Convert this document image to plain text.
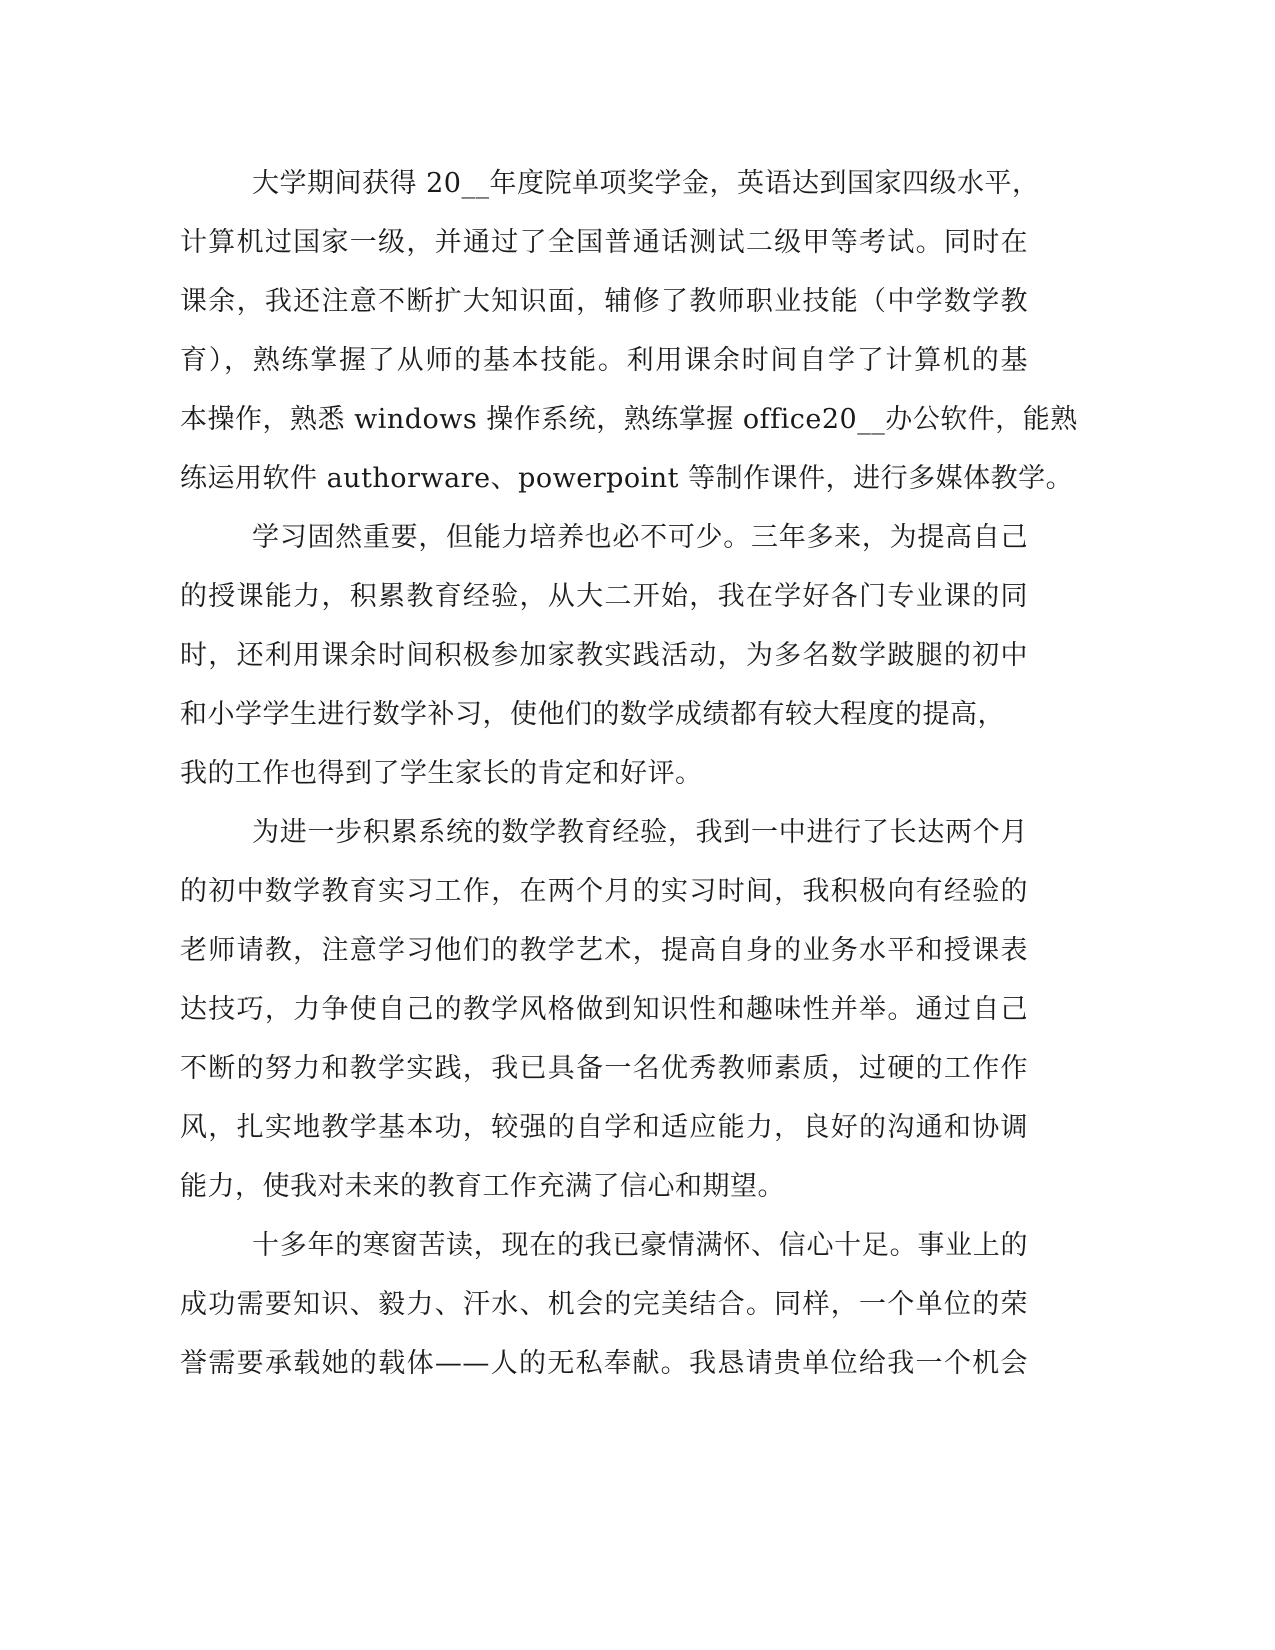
大学期间获得 20__年度院单项奖学金，英语达到国家四级水平，
计算机过国家一级，并通过了全国普通话测试二级甲等考试。同时在
课余，我还注意不断扩大知识面，辅修了教师职业技能（中学数学教
育），熟练掌握了从师的基本技能。利用课余时间自学了计算机的基
本操作，熟悉 windows 操作系统，熟练掌握 office20__办公软件，能熟
练运用软件 authorware、powerpoint 等制作课件，进行多媒体教学。
学习固然重要，但能力培养也必不可少。三年多来，为提高自己
的授课能力，积累教育经验，从大二开始，我在学好各门专业课的同
时，还利用课余时间积极参加家教实践活动，为多名数学跛腿的初中
和小学学生进行数学补习，使他们的数学成绩都有较大程度的提高，
我的工作也得到了学生家长的肯定和好评。
为进一步积累系统的数学教育经验，我到一中进行了长达两个月
的初中数学教育实习工作，在两个月的实习时间，我积极向有经验的
老师请教，注意学习他们的教学艺术，提高自身的业务水平和授课表
达技巧，力争使自己的教学风格做到知识性和趣味性并举。通过自己
不断的努力和教学实践，我已具备一名优秀教师素质，过硬的工作作
风，扎实地教学基本功，较强的自学和适应能力，良好的沟通和协调
能力，使我对未来的教育工作充满了信心和期望。
十多年的寒窗苦读，现在的我已豪情满怀、信心十足。事业上的
成功需要知识、毅力、汗水、机会的完美结合。同样，一个单位的荣
誉需要承载她的载体——人的无私奉献。我恳请贵单位给我一个机会
